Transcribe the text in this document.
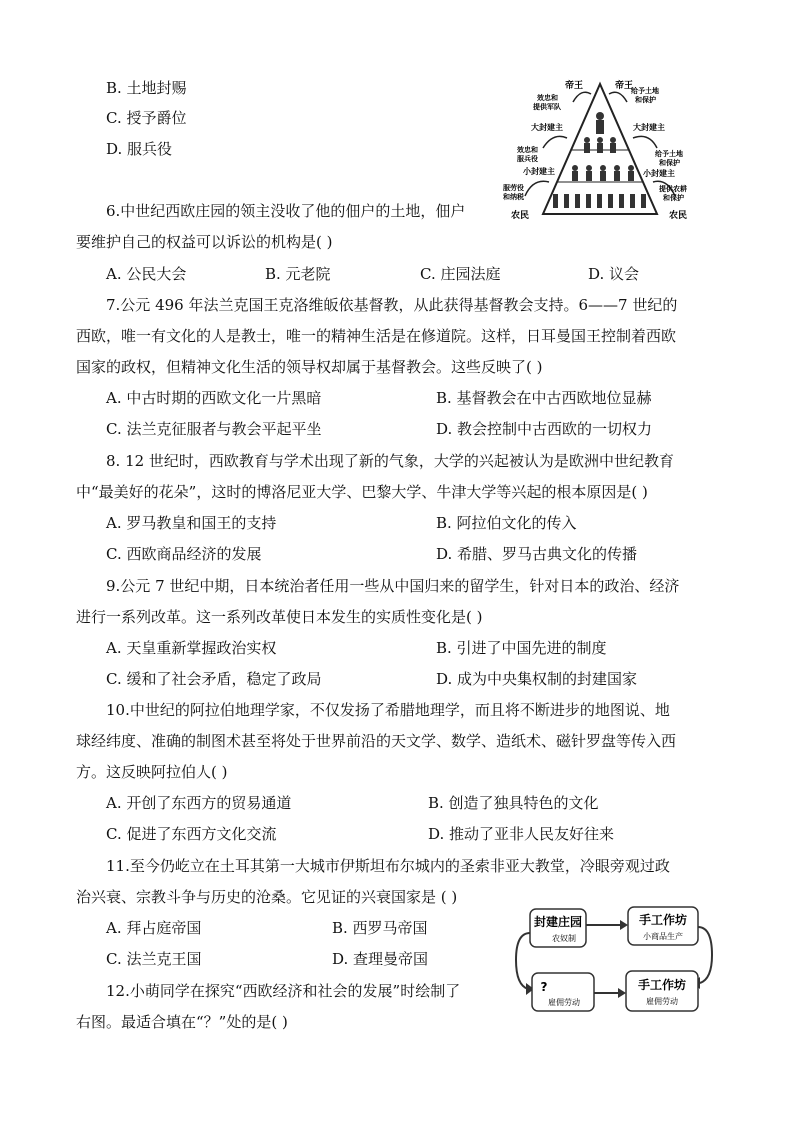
B. 土地封赐
C. 授予爵位
D. 服兵役
帝王	帝王
效忠和
提供军队
给予土地
和保护
大封建主	大封建主
效忠和
服兵役
给予土地
和保护
小封建主	小封建主
服劳役
和纳税
提供农耕
和保护
农民	农民
6.中世纪西欧庄园的领主没收了他的佃户的土地，佃户
要维护自己的权益可以诉讼的机构是( )
A. 公民大会	B. 元老院	C. 庄园法庭	D. 议会
7.公元 496 年法兰克国王克洛维皈依基督教，从此获得基督教会支持。6——7 世纪的
西欧，唯一有文化的人是教士，唯一的精神生活是在修道院。这样，日耳曼国王控制着西欧
国家的政权，但精神文化生活的领导权却属于基督教会。这些反映了( )
A. 中古时期的西欧文化一片黑暗	B. 基督教会在中古西欧地位显赫
C. 法兰克征服者与教会平起平坐	D. 教会控制中古西欧的一切权力
8. 12 世纪时，西欧教育与学术出现了新的气象，大学的兴起被认为是欧洲中世纪教育
中“最美好的花朵”，这时的博洛尼亚大学、巴黎大学、牛津大学等兴起的根本原因是( )
A. 罗马教皇和国王的支持	B. 阿拉伯文化的传入
C. 西欧商品经济的发展	D. 希腊、罗马古典文化的传播
9.公元 7 世纪中期，日本统治者任用一些从中国归来的留学生，针对日本的政治、经济
进行一系列改革。这一系列改革使日本发生的实质性变化是( )
A. 天皇重新掌握政治实权	B. 引进了中国先进的制度
C. 缓和了社会矛盾，稳定了政局	D. 成为中央集权制的封建国家
10.中世纪的阿拉伯地理学家，不仅发扬了希腊地理学，而且将不断进步的地图说、地
球经纬度、准确的制图术甚至将处于世界前沿的天文学、数学、造纸术、磁针罗盘等传入西
方。这反映阿拉伯人( )
A. 开创了东西方的贸易通道	B. 创造了独具特色的文化
C. 促进了东西方文化交流	D. 推动了亚非人民友好往来
11.至今仍屹立在土耳其第一大城市伊斯坦布尔城内的圣索非亚大教堂，冷眼旁观过政
治兴衰、宗教斗争与历史的沧桑。它见证的兴衰国家是 ( )
A. 拜占庭帝国	B. 西罗马帝国
C. 法兰克王国	D. 查理曼帝国
12.小萌同学在探究“西欧经济和社会的发展”时绘制了
右图。最适合填在“？”处的是( )
封建庄园
农奴制
手工作坊
小商品生产
?
雇佣劳动
手工作坊
雇佣劳动
